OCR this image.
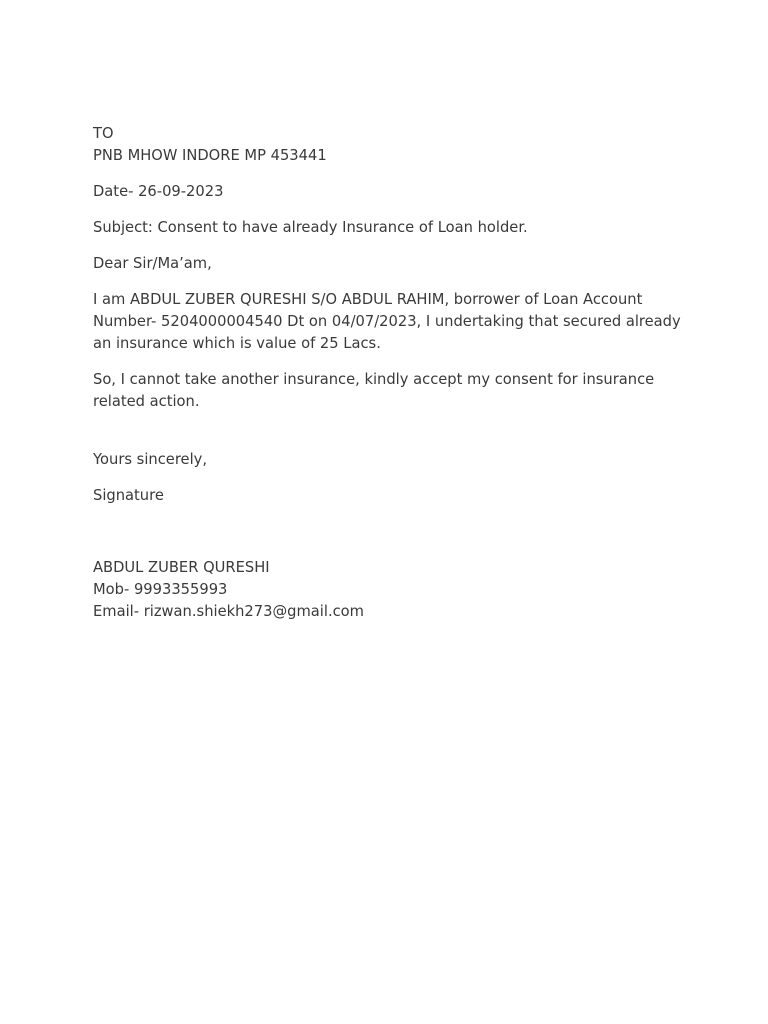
TO
PNB MHOW INDORE MP 453441

Date- 26-09-2023

Subject: Consent to have already Insurance of Loan holder.

Dear Sir/Ma’am,

I am ABDUL ZUBER QURESHI S/O ABDUL RAHIM, borrower of Loan Account Number- 5204000004540 Dt on 04/07/2023, I undertaking that secured already an insurance which is value of 25 Lacs.

So, I cannot take another insurance, kindly accept my consent for insurance related action.

Yours sincerely,

Signature

ABDUL ZUBER QURESHI
Mob- 9993355993
Email- rizwan.shiekh273@gmail.com
